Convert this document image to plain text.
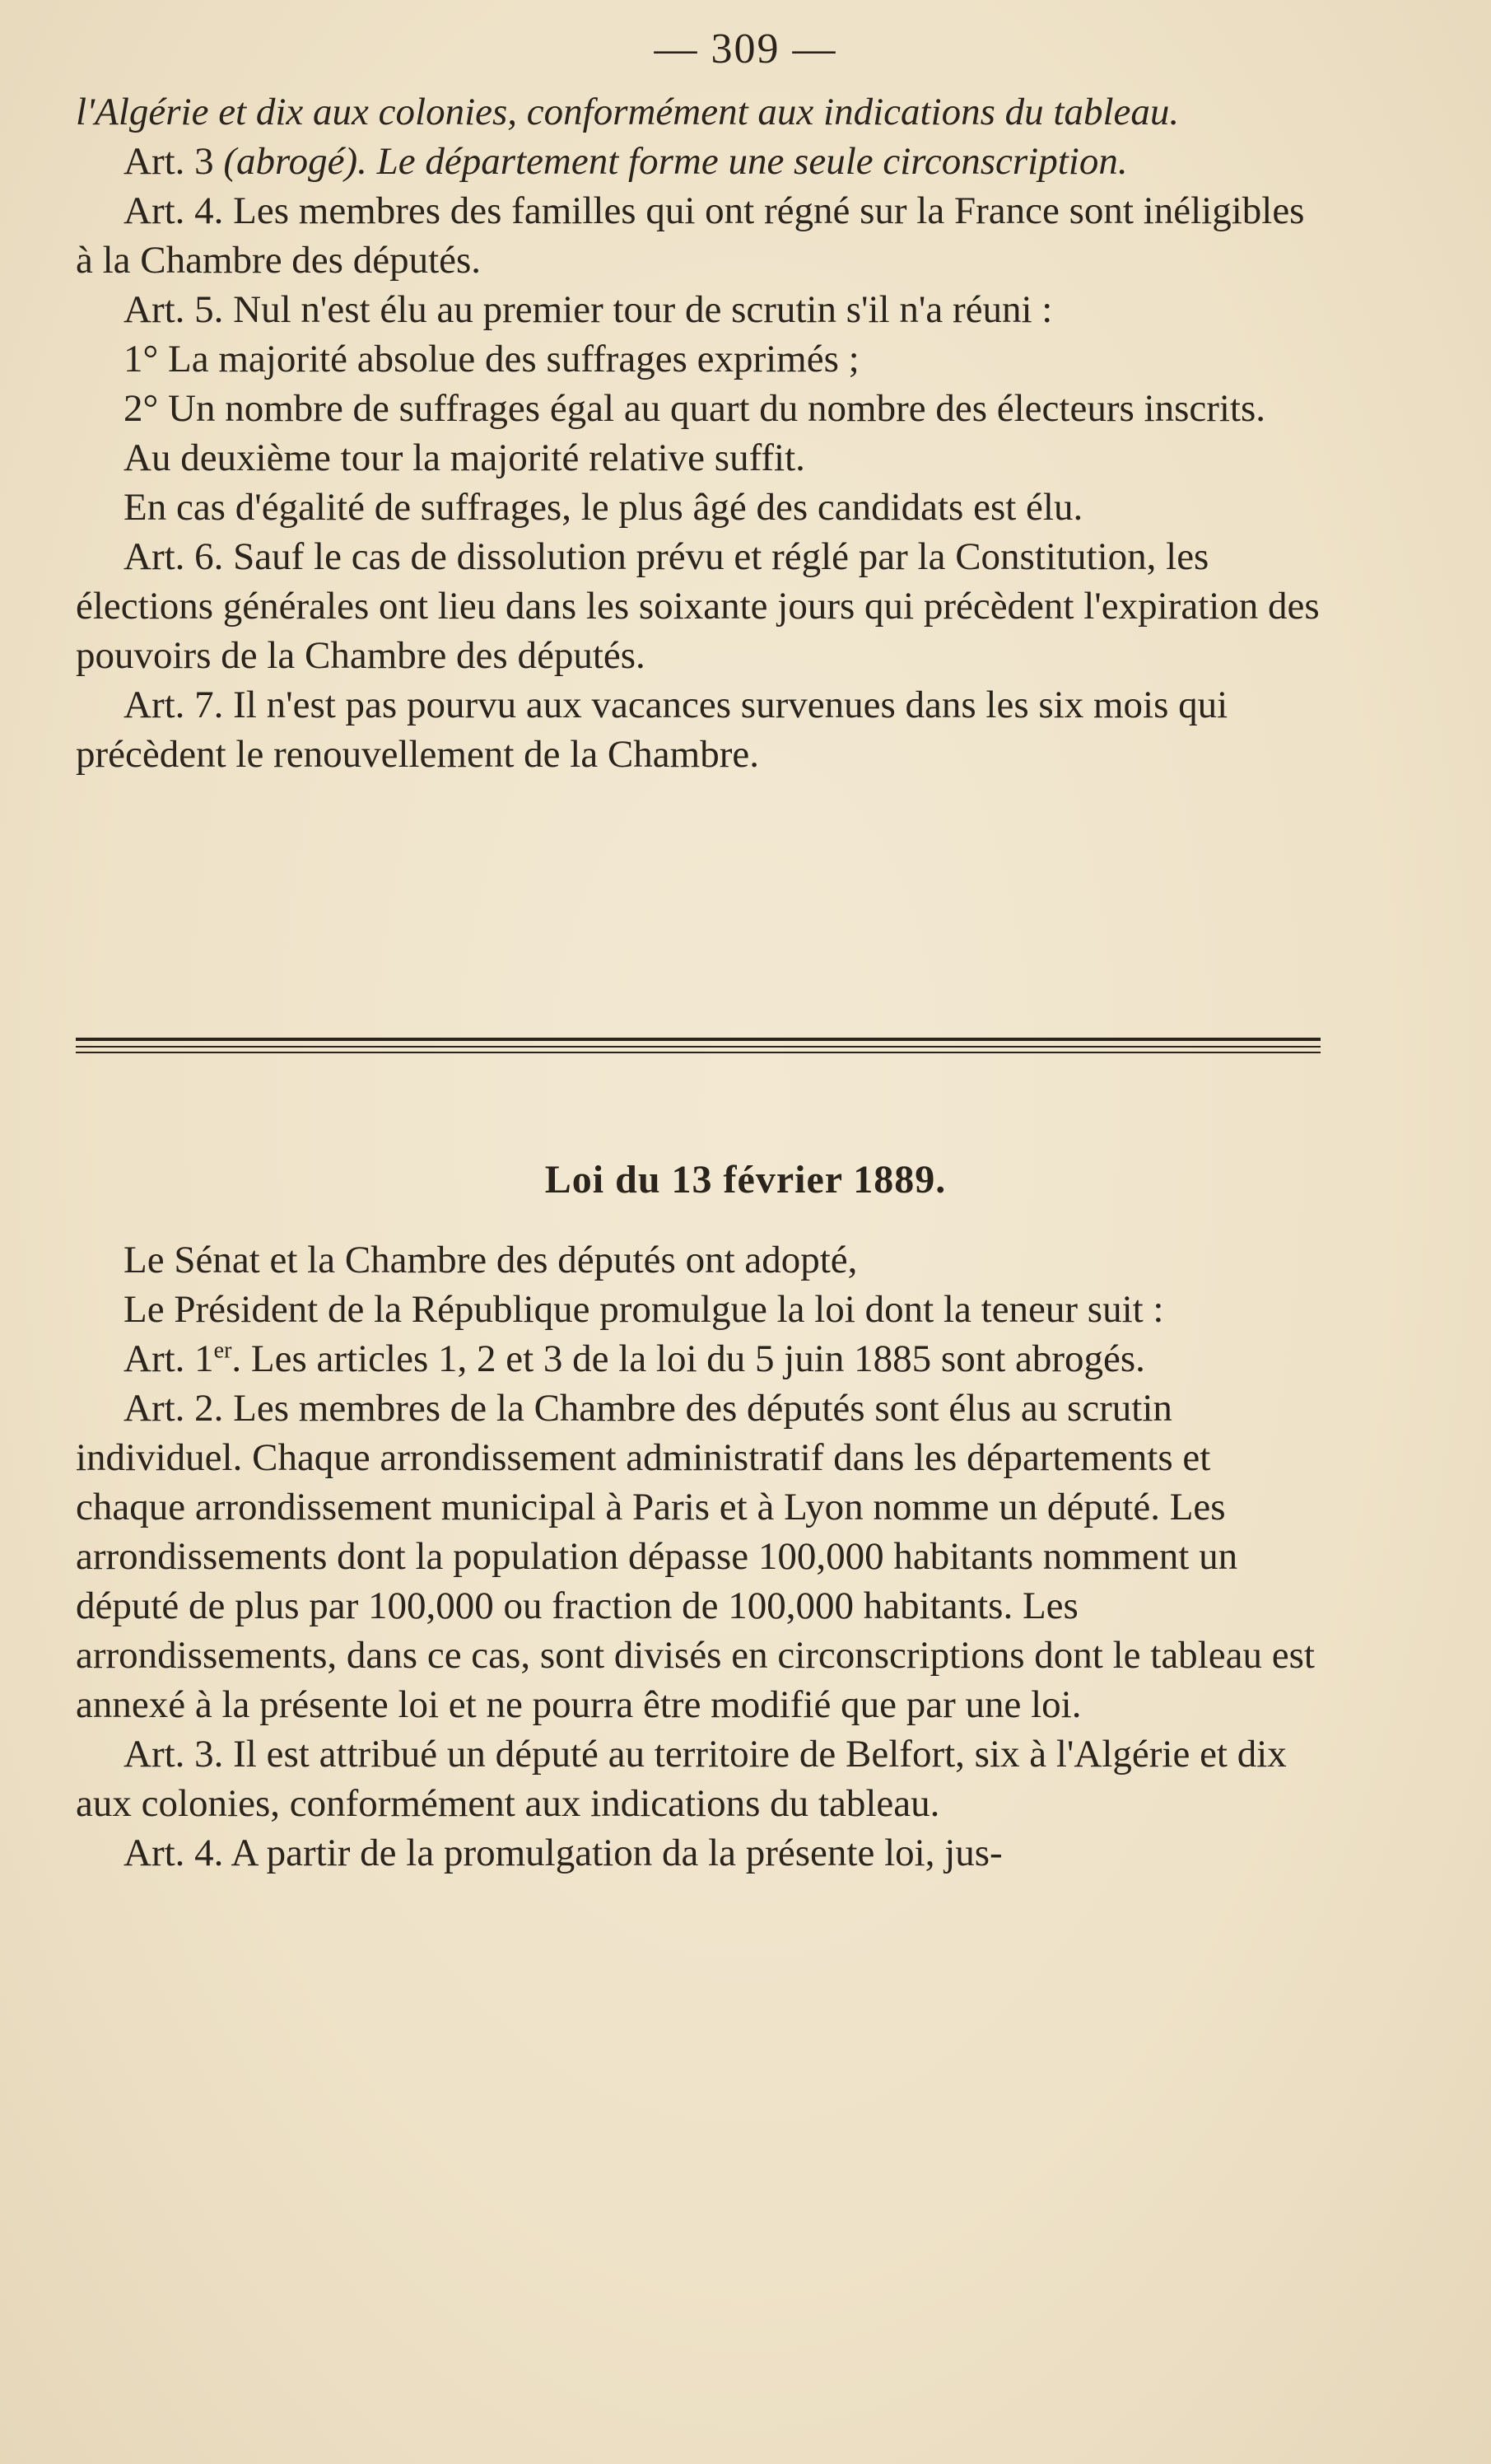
— 309 —

l'Algérie et dix aux colonies, conformément aux indications du tableau.

Art. 3 (abrogé). Le département forme une seule circonscription.

Art. 4. Les membres des familles qui ont régné sur la France sont inéligibles à la Chambre des députés.

Art. 5. Nul n'est élu au premier tour de scrutin s'il n'a réuni :

1° La majorité absolue des suffrages exprimés ;

2° Un nombre de suffrages égal au quart du nombre des électeurs inscrits.

Au deuxième tour la majorité relative suffit.

En cas d'égalité de suffrages, le plus âgé des candidats est élu.

Art. 6. Sauf le cas de dissolution prévu et réglé par la Constitution, les élections générales ont lieu dans les soixante jours qui précèdent l'expiration des pouvoirs de la Chambre des députés.

Art. 7. Il n'est pas pourvu aux vacances survenues dans les six mois qui précèdent le renouvellement de la Chambre.

Loi du 13 février 1889.

Le Sénat et la Chambre des députés ont adopté,

Le Président de la République promulgue la loi dont la teneur suit :

Art. 1er. Les articles 1, 2 et 3 de la loi du 5 juin 1885 sont abrogés.

Art. 2. Les membres de la Chambre des députés sont élus au scrutin individuel. Chaque arrondissement administratif dans les départements et chaque arrondissement municipal à Paris et à Lyon nomme un député. Les arrondissements dont la population dépasse 100,000 habitants nomment un député de plus par 100,000 ou fraction de 100,000 habitants. Les arrondissements, dans ce cas, sont divisés en circonscriptions dont le tableau est annexé à la présente loi et ne pourra être modifié que par une loi.

Art. 3. Il est attribué un député au territoire de Belfort, six à l'Algérie et dix aux colonies, conformément aux indications du tableau.

Art. 4. A partir de la promulgation da la présente loi, jus-
